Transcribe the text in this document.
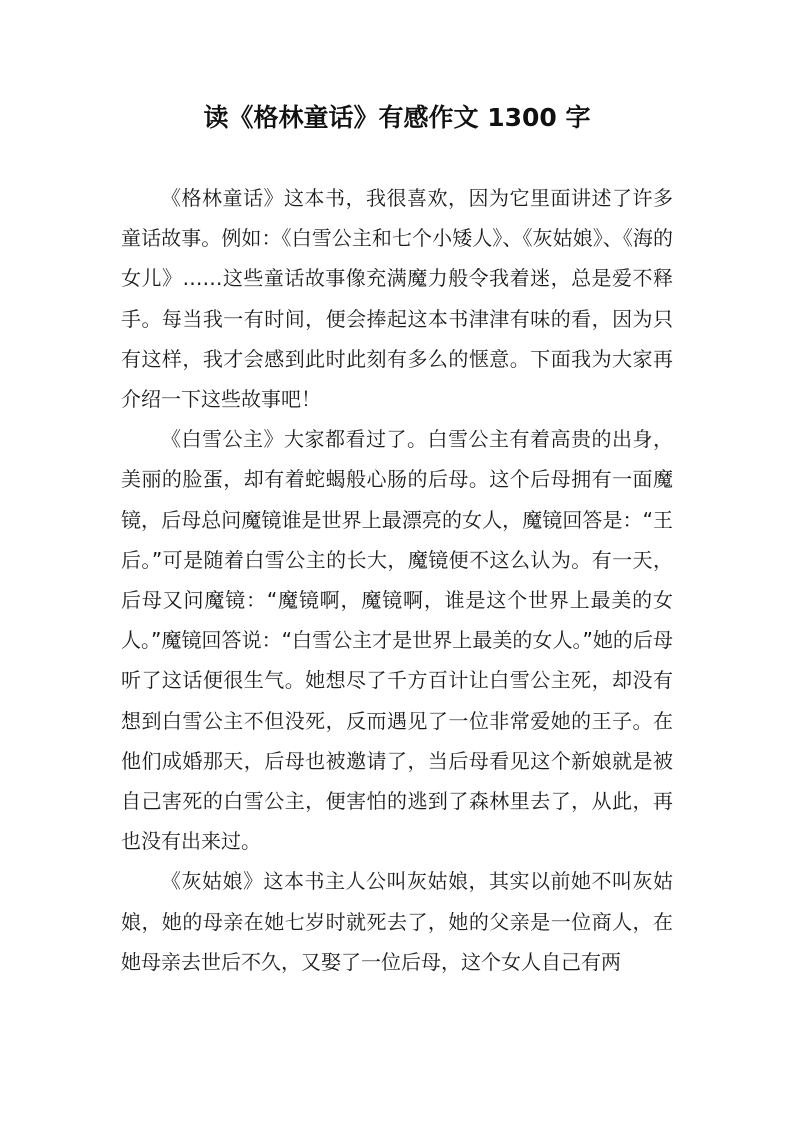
读《格林童话》有感作文 1300 字

《格林童话》这本书，我很喜欢，因为它里面讲述了许多童话故事。例如：《白雪公主和七个小矮人》、《灰姑娘》、《海的女儿》……这些童话故事像充满魔力般令我着迷，总是爱不释手。每当我一有时间，便会捧起这本书津津有味的看，因为只有这样，我才会感到此时此刻有多么的惬意。下面我为大家再介绍一下这些故事吧！

《白雪公主》大家都看过了。白雪公主有着高贵的出身，美丽的脸蛋，却有着蛇蝎般心肠的后母。这个后母拥有一面魔镜，后母总问魔镜谁是世界上最漂亮的女人，魔镜回答是：“王后。”可是随着白雪公主的长大，魔镜便不这么认为。有一天，后母又问魔镜：“魔镜啊，魔镜啊，谁是这个世界上最美的女人。”魔镜回答说：“白雪公主才是世界上最美的女人。”她的后母听了这话便很生气。她想尽了千方百计让白雪公主死，却没有想到白雪公主不但没死，反而遇见了一位非常爱她的王子。在他们成婚那天，后母也被邀请了，当后母看见这个新娘就是被自己害死的白雪公主，便害怕的逃到了森林里去了，从此，再也没有出来过。

《灰姑娘》这本书主人公叫灰姑娘，其实以前她不叫灰姑娘，她的母亲在她七岁时就死去了，她的父亲是一位商人，在她母亲去世后不久，又娶了一位后母，这个女人自己有两
